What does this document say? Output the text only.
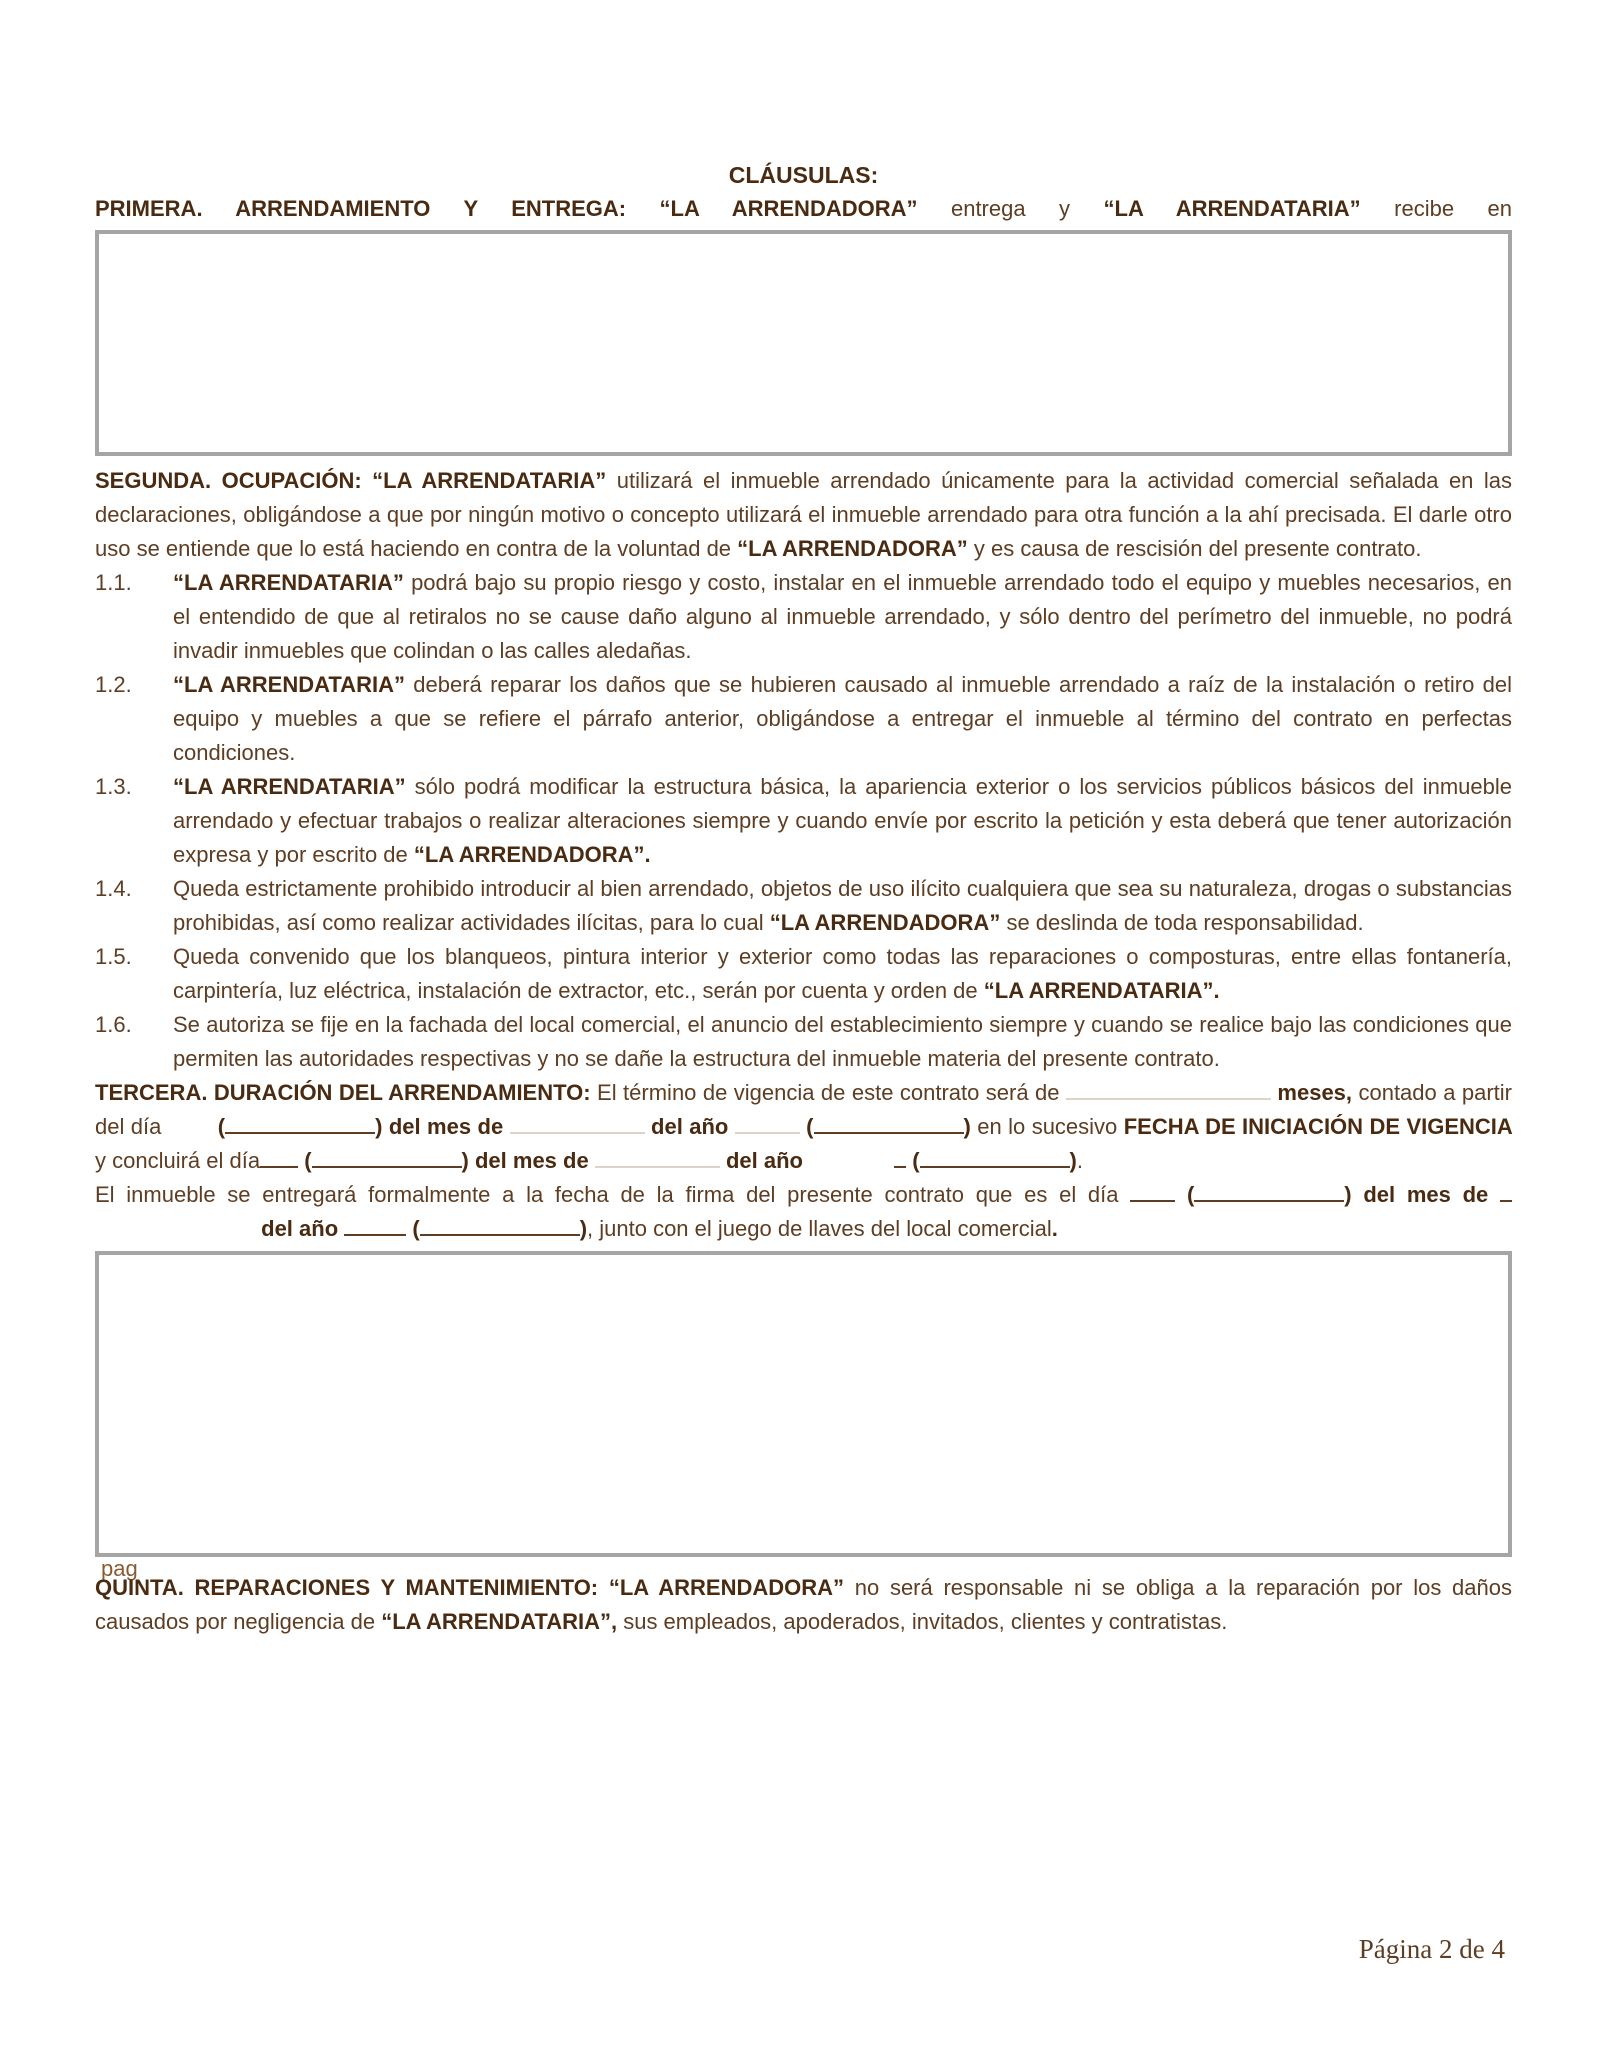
CLÁUSULAS:

PRIMERA. ARRENDAMIENTO Y ENTREGA: “LA ARRENDADORA” entrega y “LA ARRENDATARIA” recibe en

SEGUNDA. OCUPACIÓN: “LA ARRENDATARIA” utilizará el inmueble arrendado únicamente para la actividad comercial señalada en las declaraciones, obligándose a que por ningún motivo o concepto utilizará el inmueble arrendado para otra función a la ahí precisada. El darle otro uso se entiende que lo está haciendo en contra de la voluntad de “LA ARRENDADORA” y es causa de rescisión del presente contrato.

1.1. “LA ARRENDATARIA” podrá bajo su propio riesgo y costo, instalar en el inmueble arrendado todo el equipo y muebles necesarios, en el entendido de que al retiralos no se cause daño alguno al inmueble arrendado, y sólo dentro del perímetro del inmueble, no podrá invadir inmuebles que colindan o las calles aledañas.

1.2. “LA ARRENDATARIA” deberá reparar los daños que se hubieren causado al inmueble arrendado a raíz de la instalación o retiro del equipo y muebles a que se refiere el párrafo anterior, obligándose a entregar el inmueble al término del contrato en perfectas condiciones.

1.3. “LA ARRENDATARIA” sólo podrá modificar la estructura básica, la apariencia exterior o los servicios públicos básicos del inmueble arrendado y efectuar trabajos o realizar alteraciones siempre y cuando envíe por escrito la petición y esta deberá que tener autorización expresa y por escrito de “LA ARRENDADORA”.

1.4. Queda estrictamente prohibido introducir al bien arrendado, objetos de uso ilícito cualquiera que sea su naturaleza, drogas o substancias prohibidas, así como realizar actividades ilícitas, para lo cual “LA ARRENDADORA” se deslinda de toda responsabilidad.

1.5. Queda convenido que los blanqueos, pintura interior y exterior como todas las reparaciones o composturas, entre ellas fontanería, carpintería, luz eléctrica, instalación de extractor, etc., serán por cuenta y orden de “LA ARRENDATARIA”.

1.6. Se autoriza se fije en la fachada del local comercial, el anuncio del establecimiento siempre y cuando se realice bajo las condiciones que permiten las autoridades respectivas y no se dañe la estructura del inmueble materia del presente contrato.

TERCERA. DURACIÓN DEL ARRENDAMIENTO: El término de vigencia de este contrato será de	meses, contado a partir del día (	) del mes de	del año	(	) en lo sucesivo FECHA DE INICIACIÓN DE VIGENCIA y concluirá el día (	) del mes de	del año	(	).

El inmueble se entregará formalmente a la fecha de la firma del presente contrato que es el día  (	) del mes de  del año	(	), junto con el juego de llaves del local comercial.

pag

QUINTA. REPARACIONES Y MANTENIMIENTO: “LA ARRENDADORA” no será responsable ni se obliga a la reparación por los daños causados por negligencia de “LA ARRENDATARIA”, sus empleados, apoderados, invitados, clientes y contratistas.

Página 2 de 4
